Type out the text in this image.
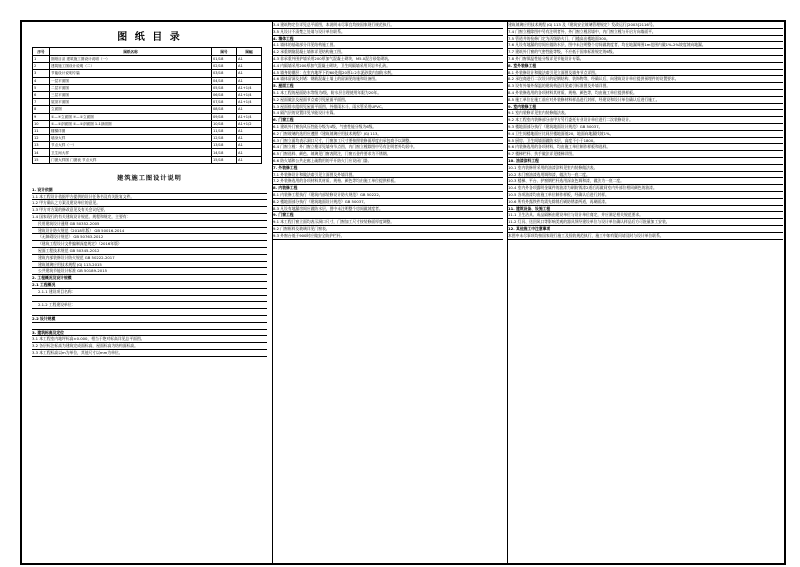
图 纸 目 录
序号	图纸名称	图号	图幅
1	图纸目录 建筑施工图设计说明（一）	01/18	A1
2	建筑施工图设计说明（二）	02/18	A1
3	节能设计说明专篇	03/18	A1
4	一层平面图	04/18	A1
5	二层平面图	05/18	A1+1/4
6	三层平面图	06/18	A1+1/4
7	屋顶平面图	07/18	A1+1/4
8	立面图	08/18	A1
9	①—⑦立面图 ⑦—①立面图	09/18	A1+1/4
10	①—①剖面图 ①—①剖面图 1-1剖面图	10/18	A1+1/2
11	楼梯详图	11/18	A1
12	墙身大样	12/18	A1
13	节点大样（一）	13/18	A1
14	卫生间大样	14/18	A1
15	门窗大样图 门窗表 节点大样	15/18	A1
建筑施工图设计说明
1. 设计依据
1.1 本工程设计依据甲方提供的设计任务书及有关批复文件。
1.2 甲方确认之方案及建设单位的意见。
1.3 甲方对方案的修改意见及有关会议纪要。
1.4 国家现行的有关建筑设计规范、规程和规定，主要有：
民用建筑设计通则 GB 50352-2005
建筑设计防火规范（2018年版） GB 50016-2014
《无障碍设计规范》 GB 50763-2012
《建筑工程设计文件编制深度规定》（2016年版）
屋面工程技术规范 GB 50345-2012
建筑内部装修设计防火规范 GB 50222-2017
建筑玻璃应用技术规程 JGJ 113-2015
公共建筑节能设计标准 GB 50189-2015
2. 工程概况及设计规模
2.1 工程概况
2.1.1 建设项目名称：
2.1.2 工程建设单位：
2.2 设计规模
3. 建筑标高及定位
3.1 本工程室内地坪标高±0.000，相当于绝对标高详见总平面图。
3.2 各层标注标高为建筑完成面标高，屋面标高为结构面标高。
3.3 本工程标高以m为单位，其他尺寸以mm为单位。
3.4 建筑物定位详见总平面图，本说明未尽事宜均按国家现行规范执行。
3.5 凡设计不清楚之处请与设计单位联系。
4. 墙体工程
4.1 墙体的基础部分详见结构施工图。
4.2 承重钢筋混凝土墙体详见结构施工图。
4.3 非承重外围护墙采用200厚加气混凝土砌块，M5.0混合砂浆砌筑。
4.4 内隔墙采用200厚加气混凝土砌块，卫生间隔墙采用页岩多孔砖。
4.5 墙身防潮层：在室内地坪下约60处做20厚1:2水泥砂浆内加防水剂。
4.6 墙体留洞及封堵：钢筋混凝土墙上的留洞见结施和设备图。
5. 屋面工程
5.1 本工程的屋面防水等级为Ⅰ级，防水层合理使用年限为20年。
5.2 屋面做法及屋面节点索引见屋面平面图。
5.3 屋面排水组织见屋面平面图，外排雨水斗、雨水管采用UPVC。
5.4 隔汽层的设置详见节能设计专篇。
6. 门窗工程
6.1 建筑外门窗抗风压性能分级为4级，气密性能分级为6级。
6.2 门窗玻璃的选用应遵照《建筑玻璃应用技术规程》JGJ 113。
6.3 门窗立面均表示洞口尺寸，门窗加工尺寸要按照装修面厚度由承包商予以调整。
6.4 门窗立樘：外门窗立樘详见墙身节点图，内门窗立樘除图中另有注明者外均居中。
6.5 门窗选料、颜色、玻璃见门窗表附注，门窗五金件要求为不锈钢。
6.6 防火墙和公共走廊上疏散用的平开防火门应设闭门器。
7. 外装修工程
7.1 外装修设计和做法索引见立面图及外墙详图。
7.2 外装修选用的各项材料其材质、规格、颜色等均由施工单位提供样板。
8. 内装修工程
8.1 内装修工程执行《建筑内部装修设计防火规范》GB 50222。
8.2 楼地面部分执行《建筑地面设计规范》GB 50037。
8.3 凡设有地漏房间应做防水层，图中未注明整个房间做坡度者。
9. 门窗工程
9.1 本工程门窗立面均表示洞口尺寸，门窗加工尺寸按装修面厚度调整。
9.2 门窗框料及玻璃详见门窗表。
9.3 外窗台低于900时应做安全防护栏杆。
建筑玻璃应用技术规程 JGJ 113 及《建筑安全玻璃管理规定》发改运行[2003]2116号。
7.4 门窗立樘除图中另有注明者外，外门窗立樘居墙中，内门窗立樘与开启方向墙面平。
7.5 管道井的检修门定为丙级防火门，门槛高出楼地面300。
7.6 凡设有地漏的房间应做防水层，图中未注明整个房间做坡度者，均在地漏周围1m范围内做1%-2%坡度坡向地漏。
7.7 建筑外门窗的气密性能等级，不应低于国家标准规定的6级。
7.8 外门窗保温性能分级详见节能设计专篇。
8. 室外装修工程
8.1 外装修设计和做法索引见立面图及墙身节点详图。
8.2 承包商进行二次设计的轻钢结构、装饰物等，经确认后，向建筑设计单位提供预埋件的设置要求。
8.3 设有外墙外保温的建筑构造详见索引标准图及外墙详图。
8.4 外装修选用的各项材料其材质、规格、颜色等，均由施工单位提供样板。
8.5 施工单位在施工前应对外装修材料样品进行封样，经建设和设计单位确认后进行施工。
9. 室内装修工程
9.1 室内装修详见室内装修做法表。
9.2 本工程室内装修部分由甲方另行委托专业设计单位进行二次装修设计。
9.3 楼地面部分执行《建筑地面设计规范》GB 50037。
9.4 卫生间楼地面应比同层楼地面低20，地面向地漏找坡1%。
9.5 厨房、卫生间墙面做防水层，高度不小于1800。
9.6 内装修选用的各项材料，均由施工单位制作样板和选样。
9.7 楼梯栏杆、扶手做法详见楼梯详图。
10. 油漆涂料工程
10.1 室内装修所采用的油漆涂料见室内装修做法表。
10.2 木门窗油漆选用调和漆，做法为一底二度。
10.3 楼梯、平台、护窗钢栏杆选用深灰色调和漆，做法为一底二度。
10.4 室内外各项露明金属件的油漆为刷防锈漆2道后再做同室内外部位相同颜色的油漆。
10.5 各项油漆均由施工单位制作样板，经确认后进行封样。
10.6 所有外露铁件均需先除锈后刷防锈漆两道，再刷面漆。
11. 建筑设备、设施工程
11.1 卫生洁具、成品隔断由建设单位与设计单位商定，并应满足相关规范要求。
11.2 灯具、送回风口等影响美观的器具须经建设单位与设计单位确认样品后方可批量加工安装。
12. 其他施工中注意事项
本图中未尽事项均按国家现行施工及验收规范执行，施工中如有疑问请及时与设计单位联系。
